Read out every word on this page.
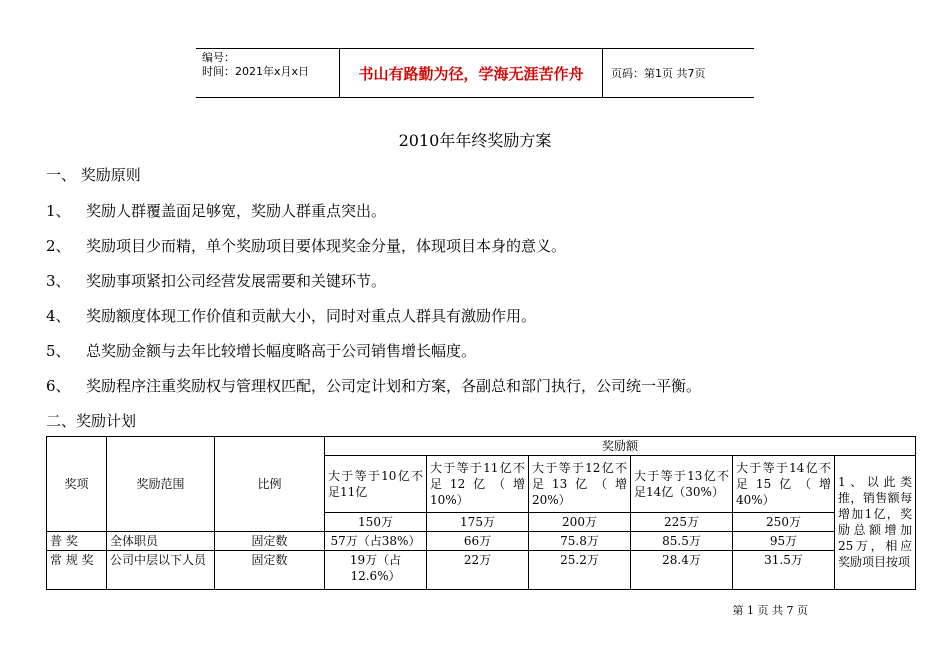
编号：
时间：2021年x月x日	书山有路勤为径，学海无涯苦作舟	页码：第1页 共7页
2010年年终奖励方案
一、 奖励原则
1、 奖励人群覆盖面足够宽，奖励人群重点突出。
2、 奖励项目少而精，单个奖励项目要体现奖金分量，体现项目本身的意义。
3、 奖励事项紧扣公司经营发展需要和关键环节。
4、 奖励额度体现工作价值和贡献大小，同时对重点人群具有激励作用。
5、 总奖励金额与去年比较增长幅度略高于公司销售增长幅度。
6、 奖励程序注重奖励权与管理权匹配，公司定计划和方案，各副总和部门执行，公司统一平衡。
二、奖励计划
奖项	奖励范围	比例	奖励额					
			大于等于10亿不足11亿	大于等于11亿不足12亿（增10%）	大于等于12亿不足13亿（增20%）	大于等于13亿不足14亿（30%）	大于等于14亿不足15亿（增40%）	1、以此类推，销售额每增加1亿，奖励总额增加25万，相应奖励项目按项
			150万	175万	200万	225万	250万	
普 奖	全体职员	固定数	57万（占38%）	66万	75.8万	85.5万	95万	
常 规 奖	公司中层以下人员	固定数	19万（占12.6%）	22万	25.2万	28.4万	31.5万	
第 1 页 共 7 页
